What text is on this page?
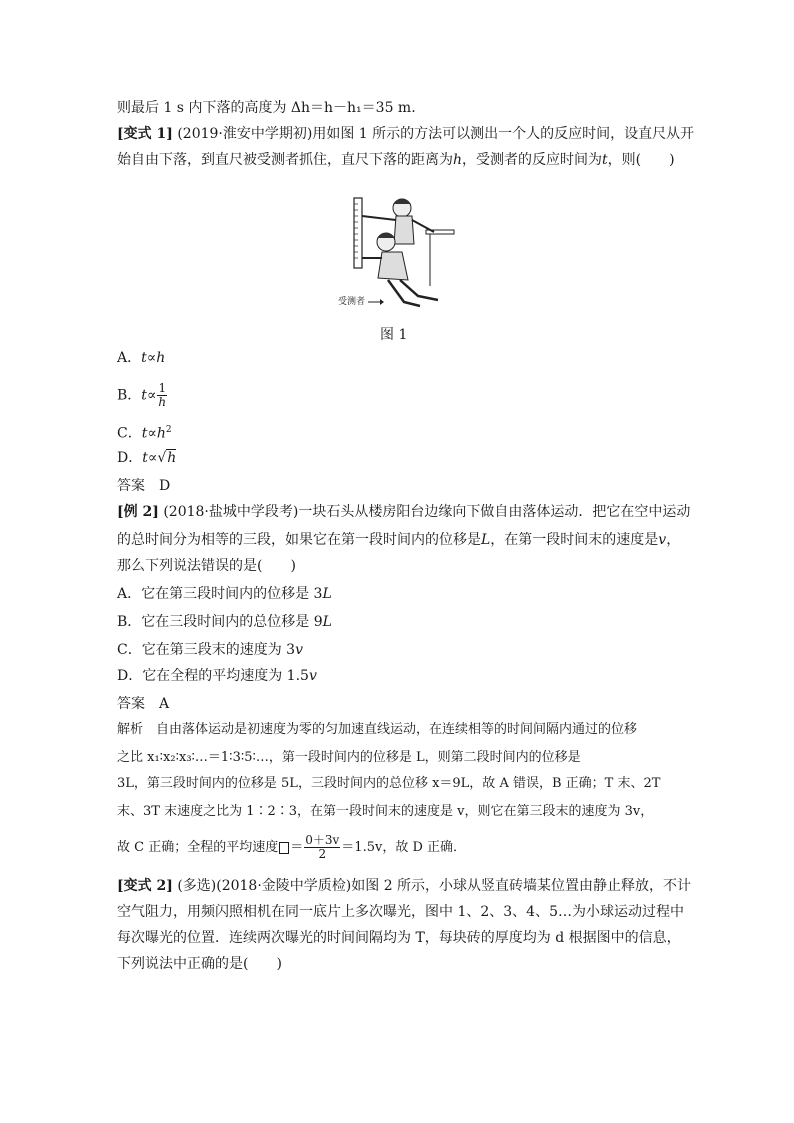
则最后 1 s 内下落的高度为 Δh＝h－h₁＝35 m.
[变式 1] (2019·淮安中学期初)用如图 1 所示的方法可以测出一个人的反应时间，设直尺从开
始自由下落，到直尺被受测者抓住，直尺下落的距离为h，受测者的反应时间为t，则(　　)
受测者
图 1
A．t∝h
B．$t\propto \frac{1}{h}$
C．$t\propto h^2$
D．t∝√h
答案　D
[例 2] (2018·盐城中学段考)一块石头从楼房阳台边缘向下做自由落体运动．把它在空中运动
的总时间分为相等的三段，如果它在第一段时间内的位移是L，在第一段时间末的速度是v，
那么下列说法错误的是(　　)
A．它在第三段时间内的位移是 3L
B．它在三段时间内的总位移是 9L
C．它在第三段末的速度为 3v
D．它在全程的平均速度为 1.5v
答案　A
解析　自由落体运动是初速度为零的匀加速直线运动，在连续相等的时间间隔内通过的位移
之比 x₁∶x₂∶x₃∶…＝1∶3∶5∶…，第一段时间内的位移是 L，则第二段时间内的位移是
3L，第三段时间内的位移是 5L，三段时间内的总位移 x＝9L，故 A 错误，B 正确；T 末、2T
末、3T 末速度之比为 1∶2∶3，在第一段时间末的速度是 v，则它在第三段末的速度为 3v，
故 C 正确；全程的平均速度 ＝ $\frac{0+3v}{2} =1.5v$，故 D 正确．
[变式 2] (多选)(2018·金陵中学质检)如图 2 所示，小球从竖直砖墙某位置由静止释放，不计
空气阻力，用频闪照相机在同一底片上多次曝光，图中 1、2、3、4、5…为小球运动过程中
每次曝光的位置．连续两次曝光的时间间隔均为 T，每块砖的厚度均为 d 根据图中的信息，
下列说法中正确的是(　　)
